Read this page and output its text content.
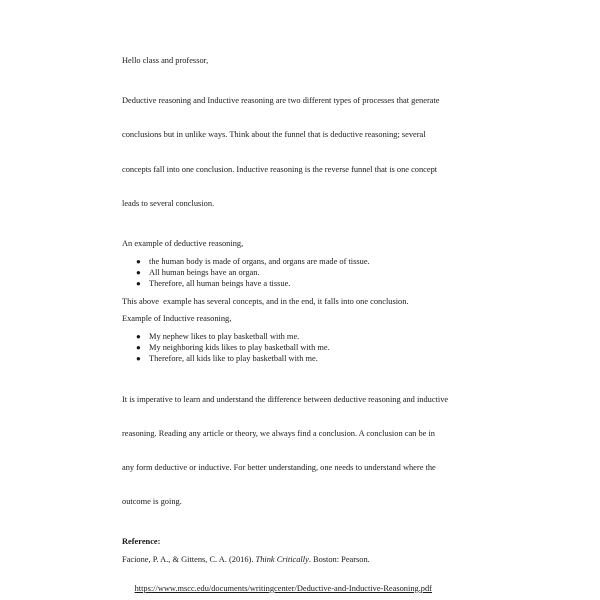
Hello class and professor,

Deductive reasoning and Inductive reasoning are two different types of processes that generate

conclusions but in unlike ways. Think about the funnel that is deductive reasoning; several

concepts fall into one conclusion. Inductive reasoning is the reverse funnel that is one concept

leads to several conclusion.

An example of deductive reasoning,

● the human body is made of organs, and organs are made of tissue.
● All human beings have an organ.
● Therefore, all human beings have a tissue.

This above  example has several concepts, and in the end, it falls into one conclusion.

Example of Inductive reasoning,

● My nephew likes to play basketball with me.
● My neighboring kids likes to play basketball with me.
● Therefore, all kids like to play basketball with me.

It is imperative to learn and understand the difference between deductive reasoning and inductive

reasoning. Reading any article or theory, we always find a conclusion. A conclusion can be in

any form deductive or inductive. For better understanding, one needs to understand where the

outcome is going.

Reference:

Facione, P. A., & Gittens, C. A. (2016). Think Critically. Boston: Pearson.

https://www.mscc.edu/documents/writingcenter/Deductive-and-Inductive-Reasoning.pdf
